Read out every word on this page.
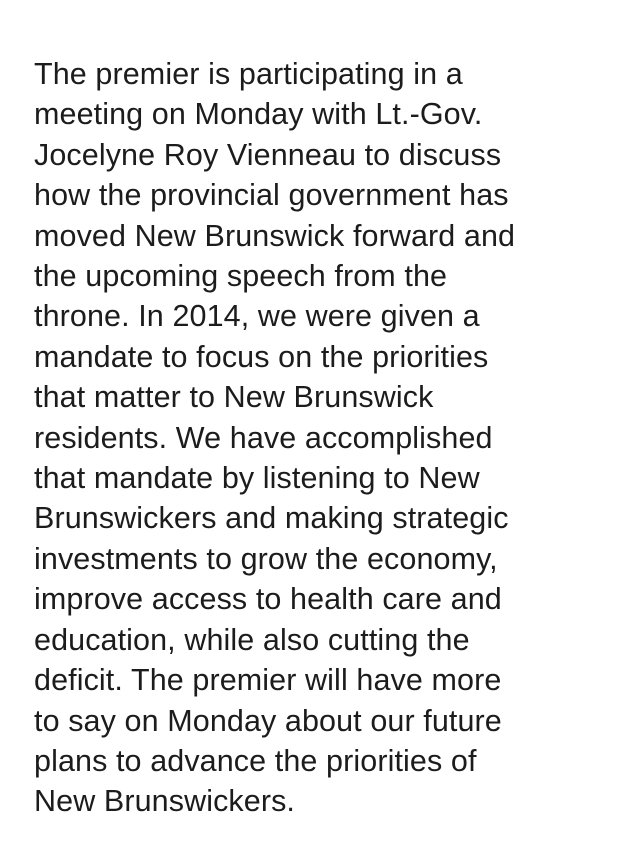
The premier is participating in a
meeting on Monday with Lt.-Gov.
Jocelyne Roy Vienneau to discuss
how the provincial government has
moved New Brunswick forward and
the upcoming speech from the
throne. In 2014, we were given a
mandate to focus on the priorities
that matter to New Brunswick
residents. We have accomplished
that mandate by listening to New
Brunswickers and making strategic
investments to grow the economy,
improve access to health care and
education, while also cutting the
deficit. The premier will have more
to say on Monday about our future
plans to advance the priorities of
New Brunswickers.
